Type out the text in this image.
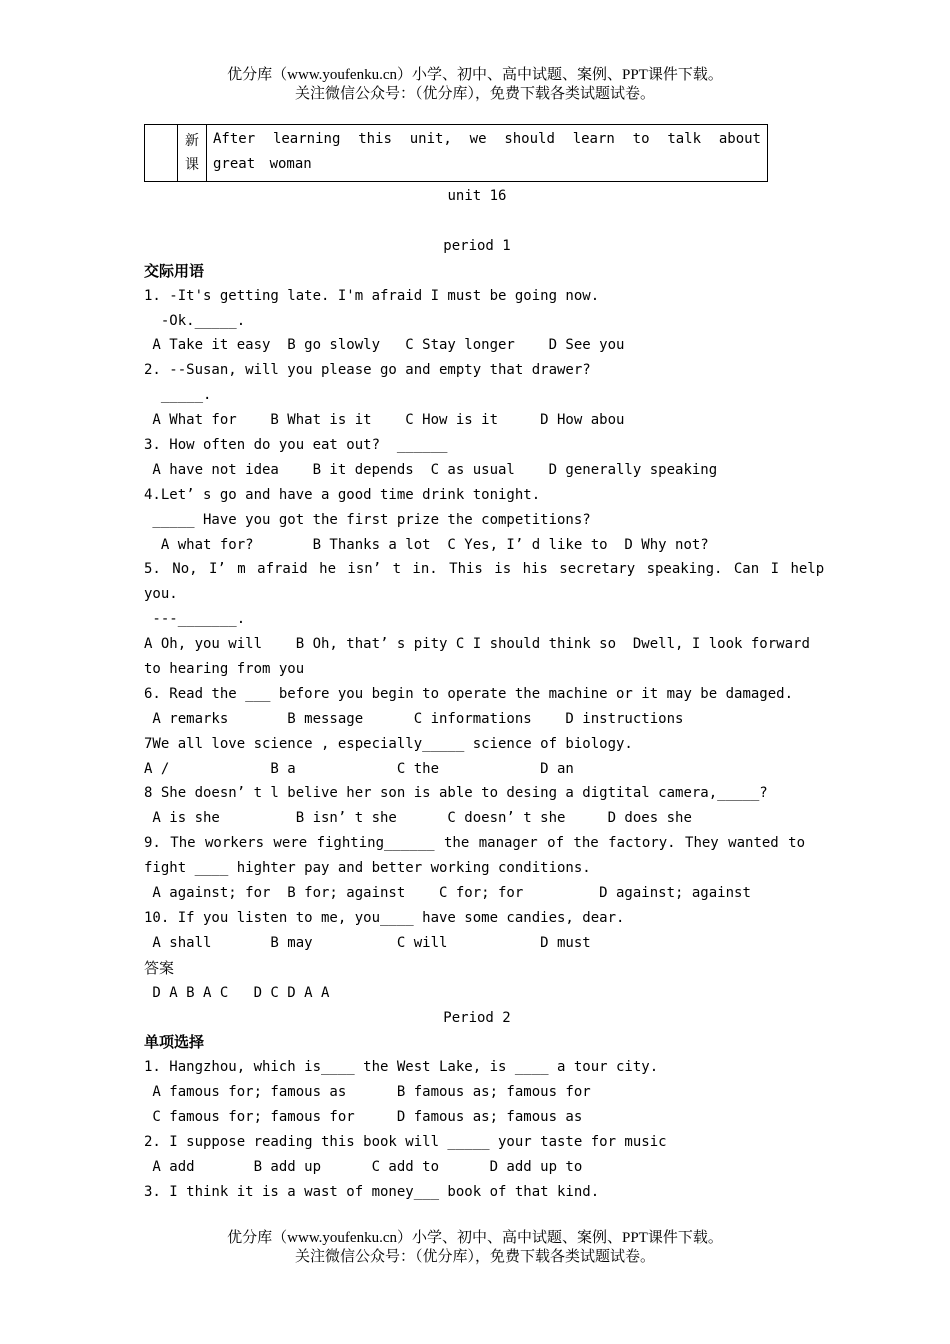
优分库（www.youfenku.cn）小学、初中、高中试题、案例、PPT课件下载。
关注微信公众号：（优分库），免费下载各类试题试卷。
	新课	After learning this unit, we should learn to talk about great woman
unit 16
period 1
交际用语
1. -It's getting late. I'm afraid I must be going now.
-Ok._____.
A Take it easy  B go slowly   C Stay longer    D See you
2. --Susan, will you please go and empty that drawer?
_____.
A What for    B What is it    C How is it     D How abou
3. How often do you eat out?  ______
A have not idea    B it depends  C as usual    D generally speaking
4.Let’ s go and have a good time drink tonight.
_____ Have you got the first prize the competitions?
A what for?       B Thanks a lot  C Yes, I’ d like to  D Why not?
5. No, I’ m afraid he isn’ t in. This is his secretary speaking. Can I help
you.
---_______.
A Oh, you will    B Oh, that’ s pity C I should think so  Dwell, I look forward
to hearing from you
6. Read the ___ before you begin to operate the machine or it may be damaged.
A remarks       B message      C informations    D instructions
7We all love science , especially_____ science of biology.
A /            B a            C the            D an
8 She doesn’ t l belive her son is able to desing a digtital camera,_____?
A is she         B isn’ t she      C doesn’ t she     D does she
9. The workers were fighting______ the manager of the factory. They wanted to
fight ____ highter pay and better working conditions.
A against; for  B for; against    C for; for         D against; against
10. If you listen to me, you____ have some candies, dear.
A shall       B may          C will           D must
答案
D A B A C   D C D A A
Period 2
单项选择
1. Hangzhou, which is____ the West Lake, is ____ a tour city.
A famous for; famous as      B famous as; famous for
C famous for; famous for     D famous as; famous as
2. I suppose reading this book will _____ your taste for music
A add       B add up      C add to      D add up to
3. I think it is a wast of money___ book of that kind.
优分库（www.youfenku.cn）小学、初中、高中试题、案例、PPT课件下载。
关注微信公众号：（优分库），免费下载各类试题试卷。
